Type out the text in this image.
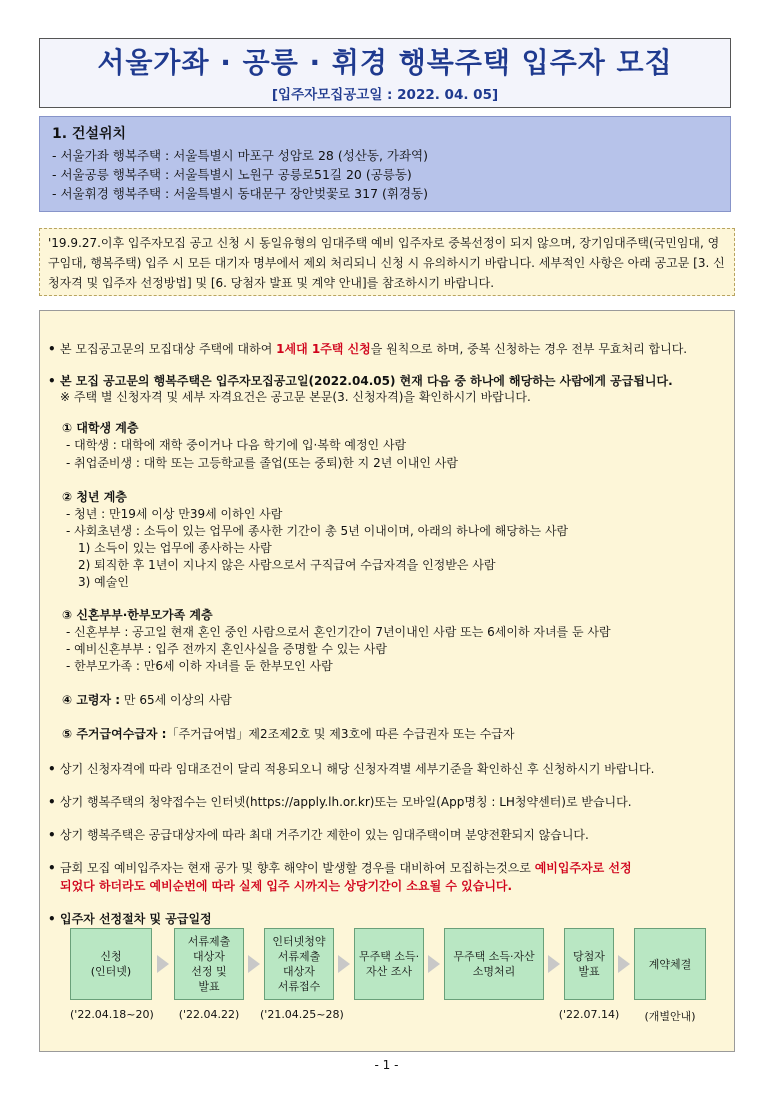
서울가좌 · 공릉 · 휘경 행복주택 입주자 모집
[입주자모집공고일 : 2022. 04. 05]
1. 건설위치
- 서울가좌 행복주택 : 서울특별시 마포구 성암로 28 (성산동, 가좌역)
- 서울공릉 행복주택 : 서울특별시 노원구 공릉로51길 20 (공릉동)
- 서울휘경 행복주택 : 서울특별시 동대문구 장안벚꽃로 317 (휘경동)
'19.9.27.이후 입주자모집 공고 신청 시 동일유형의 임대주택 예비 입주자로 중복선정이 되지 않으며, 장기임대주택(국민임대, 영구임대, 행복주택) 입주 시 모든 대기자 명부에서 제외 처리되니 신청 시 유의하시기 바랍니다. 세부적인 사항은 아래 공고문 [3. 신청자격 및 입주자 선정방법] 및 [6. 당첨자 발표 및 계약 안내]를 참조하시기 바랍니다.
• 본 모집공고문의 모집대상 주택에 대하여 1세대 1주택 신청을 원칙으로 하며, 중복 신청하는 경우 전부 무효처리 합니다.
• 본 모집 공고문의 행복주택은 입주자모집공고일(2022.04.05) 현재 다음 중 하나에 해당하는 사람에게 공급됩니다.
※ 주택 별 신청자격 및 세부 자격요건은 공고문 본문(3. 신청자격)을 확인하시기 바랍니다.
① 대학생 계층
- 대학생 : 대학에 재학 중이거나 다음 학기에 입·복학 예정인 사람
- 취업준비생 : 대학 또는 고등학교를 졸업(또는 중퇴)한 지 2년 이내인 사람
② 청년 계층
- 청년 : 만19세 이상 만39세 이하인 사람
- 사회초년생 : 소득이 있는 업무에 종사한 기간이 총 5년 이내이며, 아래의 하나에 해당하는 사람
1) 소득이 있는 업무에 종사하는 사람
2) 퇴직한 후 1년이 지나지 않은 사람으로서 구직급여 수급자격을 인정받은 사람
3) 예술인
③ 신혼부부·한부모가족 계층
- 신혼부부 : 공고일 현재 혼인 중인 사람으로서 혼인기간이 7년이내인 사람 또는 6세이하 자녀를 둔 사람
- 예비신혼부부 : 입주 전까지 혼인사실을 증명할 수 있는 사람
- 한부모가족 : 만6세 이하 자녀를 둔 한부모인 사람
④ 고령자 : 만 65세 이상의 사람
⑤ 주거급여수급자 :「주거급여법」제2조제2호 및 제3호에 따른 수급권자 또는 수급자
• 상기 신청자격에 따라 임대조건이 달리 적용되오니 해당 신청자격별 세부기준을 확인하신 후 신청하시기 바랍니다.
• 상기 행복주택의 청약접수는 인터넷(https://apply.lh.or.kr)또는 모바일(App명칭 : LH청약센터)로 받습니다.
• 상기 행복주택은 공급대상자에 따라 최대 거주기간 제한이 있는 임대주택이며 분양전환되지 않습니다.
• 금회 모집 예비입주자는 현재 공가 및 향후 해약이 발생할 경우를 대비하여 모집하는것으로 예비입주자로 선정
되었다 하더라도 예비순번에 따라 실제 입주 시까지는 상당기간이 소요될 수 있습니다.
• 입주자 선정절차 및 공급일정
신청
(인터넷)
서류제출
대상자
선정 및
발표
인터넷청약
서류제출
대상자
서류접수
무주택 소득·
자산 조사
무주택 소득·자산
소명처리
당첨자
발표
계약체결
('22.04.18~20)	('22.04.22)	('21.04.25~28)	('22.07.14)	(개별안내)
- 1 -
